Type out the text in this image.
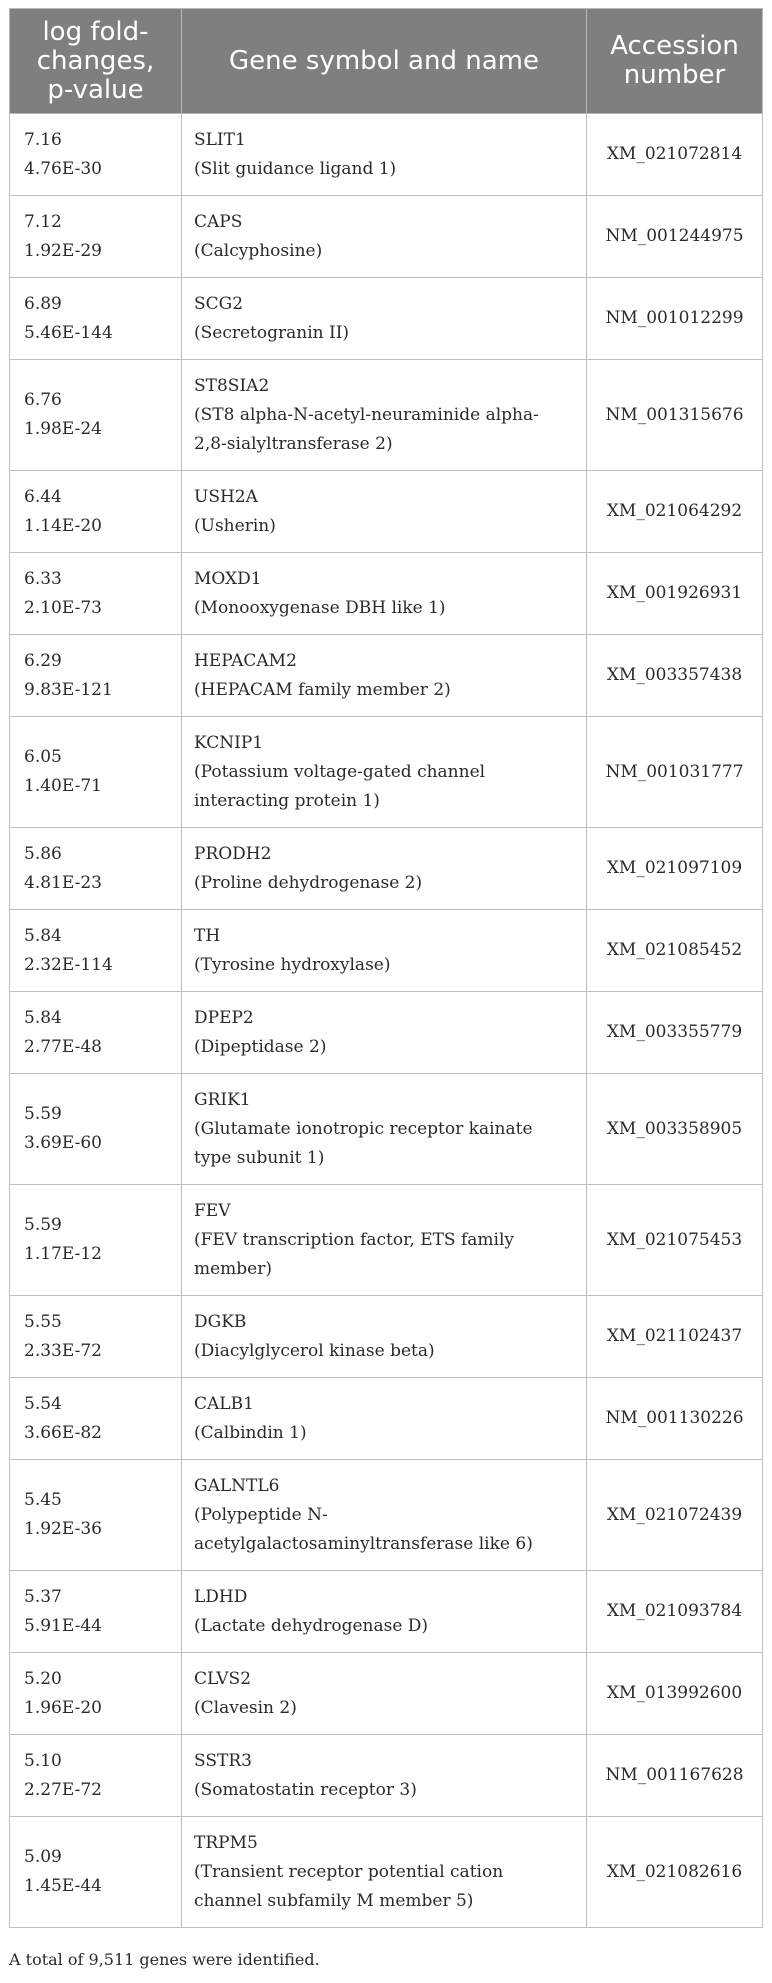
log fold-
changes,
p-value	Gene symbol and name	Accession
number

7.16
4.76E-30	SLIT1
(Slit guidance ligand 1)	XM_021072814

7.12
1.92E-29	CAPS
(Calcyphosine)	NM_001244975

6.89
5.46E-144	SCG2
(Secretogranin II)	NM_001012299

6.76
1.98E-24	ST8SIA2
(ST8 alpha-N-acetyl-neuraminide alpha-
2,8-sialyltransferase 2)	NM_001315676

6.44
1.14E-20	USH2A
(Usherin)	XM_021064292

6.33
2.10E-73	MOXD1
(Monooxygenase DBH like 1)	XM_001926931

6.29
9.83E-121	HEPACAM2
(HEPACAM family member 2)	XM_003357438

6.05
1.40E-71	KCNIP1
(Potassium voltage-gated channel
interacting protein 1)	NM_001031777

5.86
4.81E-23	PRODH2
(Proline dehydrogenase 2)	XM_021097109

5.84
2.32E-114	TH
(Tyrosine hydroxylase)	XM_021085452

5.84
2.77E-48	DPEP2
(Dipeptidase 2)	XM_003355779

5.59
3.69E-60	GRIK1
(Glutamate ionotropic receptor kainate
type subunit 1)	XM_003358905

5.59
1.17E-12	FEV
(FEV transcription factor, ETS family
member)	XM_021075453

5.55
2.33E-72	DGKB
(Diacylglycerol kinase beta)	XM_021102437

5.54
3.66E-82	CALB1
(Calbindin 1)	NM_001130226

5.45
1.92E-36	GALNTL6
(Polypeptide N-
acetylgalactosaminyltransferase like 6)	XM_021072439

5.37
5.91E-44	LDHD
(Lactate dehydrogenase D)	XM_021093784

5.20
1.96E-20	CLVS2
(Clavesin 2)	XM_013992600

5.10
2.27E-72	SSTR3
(Somatostatin receptor 3)	NM_001167628

5.09
1.45E-44	TRPM5
(Transient receptor potential cation
channel subfamily M member 5)	XM_021082616
A total of 9,511 genes were identified.
